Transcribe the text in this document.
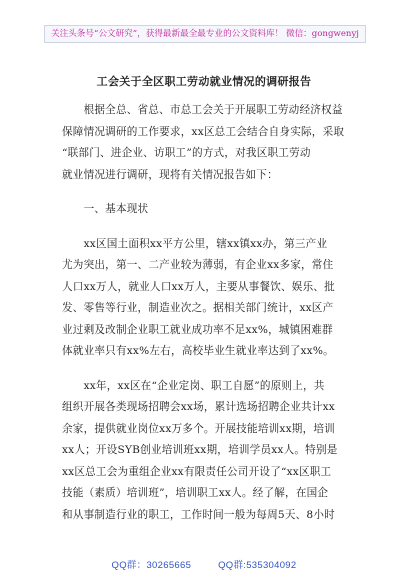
关注头条号“公文研究”，获得最新最全最专业的公文资料库！ 微信：gongwenyj
工会关于全区职工劳动就业情况的调研报告
　　根据全总、省总、市总工会关于开展职工劳动经济权益
保障情况调研的工作要求，xx区总工会结合自身实际，采取
“联部门、进企业、访职工”的方式，对我区职工劳动
就业情况进行调研，现将有关情况报告如下：
　　一、基本现状
　　xx区国土面积xx平方公里，辖xx镇xx办，第三产业
尤为突出，第一、二产业较为薄弱，有企业xx多家，常住
人口xx万人，就业人口xx万人，主要从事餐饮、娱乐、批
发、零售等行业，制造业次之。据相关部门统计，xx区产
业过剩及改制企业职工就业成功率不足xx%，城镇困难群
体就业率只有xx%左右，高校毕业生就业率达到了xx%。
　　xx年，xx区在“企业定岗、职工自愿”的原则上，共
组织开展各类现场招聘会xx场，累计选场招聘企业共计xx
余家，提供就业岗位xx万多个。开展技能培训xx期，培训
xx人；开设SYB创业培训班xx期，培训学员xx人。特别是
xx区总工会为重组企业xx有限责任公司开设了“xx区职工
技能（素质）培训班”，培训职工xx人。经了解，在国企
和从事制造行业的职工，工作时间一般为每周5天、8小时
QQ群：30265665	QQ群:535304092
